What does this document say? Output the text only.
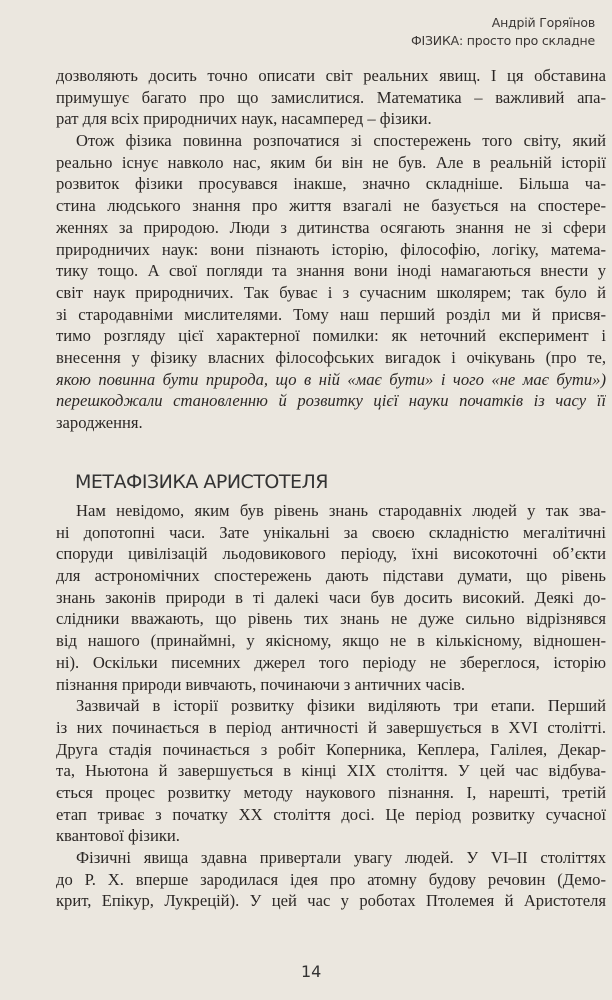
Андрій Горяїнов
ФІЗИКА: просто про складне
дозволяють досить точно описати світ реальних явищ. І ця обставина
примушує багато про що замислитися. Математика – важливий апа-
рат для всіх природничих наук, насамперед – фізики.
Отож фізика повинна розпочатися зі спостережень того світу, який
реально існує навколо нас, яким би він не був. Але в реальній історії
розвиток фізики просувався інакше, значно складніше. Більша ча-
стина людського знання про життя взагалі не базується на спостере-
женнях за природою. Люди з дитинства осягають знання не зі сфери
природничих наук: вони пізнають історію, філософію, логіку, матема-
тику тощо. А свої погляди та знання вони іноді намагаються внести у
світ наук природничих. Так буває і з сучасним школярем; так було й
зі стародавніми мислителями. Тому наш перший розділ ми й присвя-
тимо розгляду цієї характерної помилки: як неточний експеримент і
внесення у фізику власних філософських вигадок і очікувань (про те,
якою повинна бути природа, що в ній «має бути» і чого «не має бути»)
перешкоджали становленню й розвитку цієї науки початків із часу її
зародження.
МЕТАФІЗИКА АРИСТОТЕЛЯ
Нам невідомо, яким був рівень знань стародавніх людей у так зва-
ні допотопні часи. Зате унікальні за своєю складністю мегалітичні
споруди цивілізацій льодовикового періоду, їхні високоточні об’єкти
для астрономічних спостережень дають підстави думати, що рівень
знань законів природи в ті далекі часи був досить високий. Деякі до-
слідники вважають, що рівень тих знань не дуже сильно відрізнявся
від нашого (принаймні, у якісному, якщо не в кількісному, відношен-
ні). Оскільки писемних джерел того періоду не збереглося, історію
пізнання природи вивчають, починаючи з античних часів.
Зазвичай в історії розвитку фізики виділяють три етапи. Перший
із них починається в період античності й завершується в XVI столітті.
Друга стадія починається з робіт Коперника, Кеплера, Галілея, Декар-
та, Ньютона й завершується в кінці XIX століття. У цей час відбува-
ється процес розвитку методу наукового пізнання. І, нарешті, третій
етап триває з початку XX століття досі. Це період розвитку сучасної
квантової фізики.
Фізичні явища здавна привертали увагу людей. У VI–II століттях
до Р. Х. вперше зародилася ідея про атомну будову речовин (Демо-
крит, Епікур, Лукрецій). У цей час у роботах Птолемея й Аристотеля
14
